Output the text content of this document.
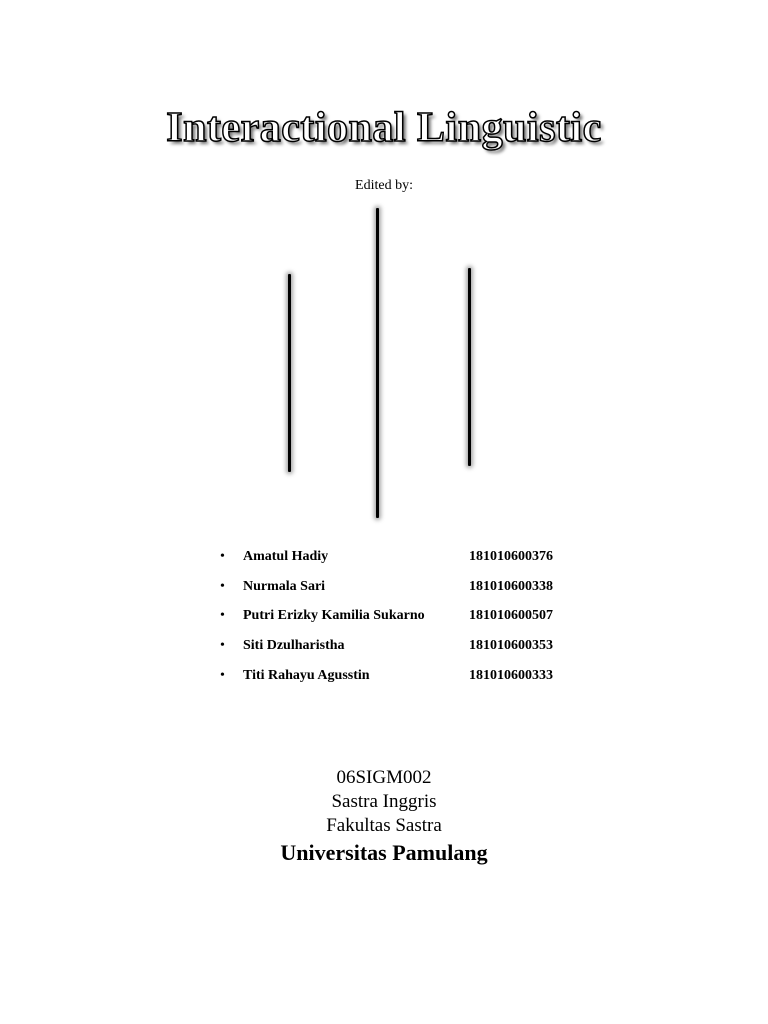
Interactional Linguistic
Edited by:
• Amatul Hadiy	181010600376
• Nurmala Sari	181010600338
• Putri Erizky Kamilia Sukarno	181010600507
• Siti Dzulharistha	181010600353
• Titi Rahayu Agusstin	181010600333
06SIGM002
Sastra Inggris
Fakultas Sastra
Universitas Pamulang
